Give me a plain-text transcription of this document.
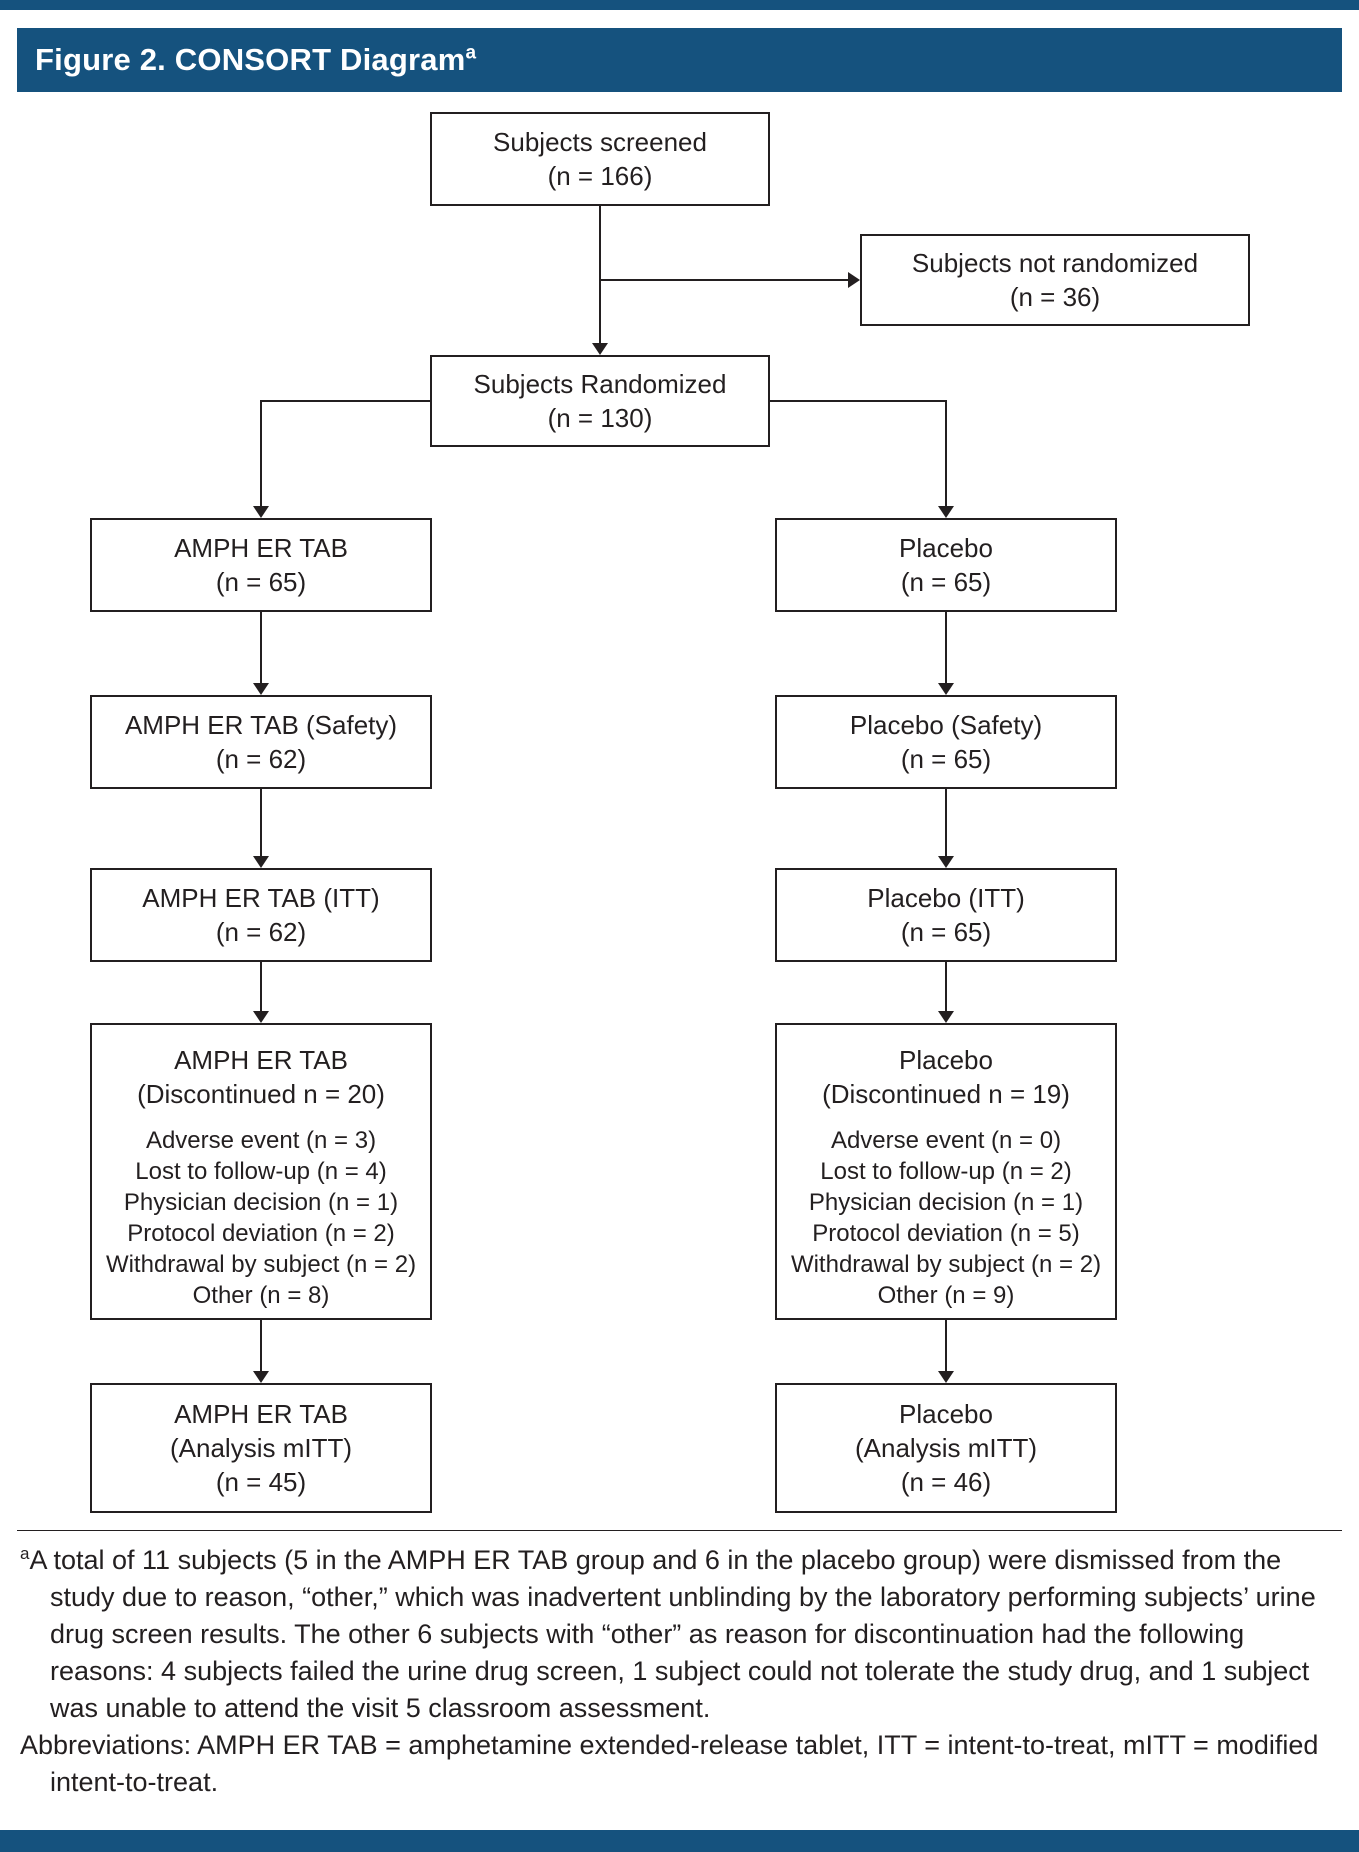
Figure 2. CONSORT Diagram$^a$
Subjects screened
(n = 166)
Subjects not randomized
(n = 36)
Subjects Randomized
(n = 130)
AMPH ER TAB
(n = 65)
AMPH ER TAB (Safety)
(n = 62)
AMPH ER TAB (ITT)
(n = 62)
AMPH ER TAB
(Discontinued n = 20)
Adverse event (n = 3)
Lost to follow-up (n = 4)
Physician decision (n = 1)
Protocol deviation (n = 2)
Withdrawal by subject (n = 2)
Other (n = 8)
AMPH ER TAB
(Analysis mITT)
(n = 45)
Placebo
(n = 65)
Placebo (Safety)
(n = 65)
Placebo (ITT)
(n = 65)
Placebo
(Discontinued n = 19)
Adverse event (n = 0)
Lost to follow-up (n = 2)
Physician decision (n = 1)
Protocol deviation (n = 5)
Withdrawal by subject (n = 2)
Other (n = 9)
Placebo
(Analysis mITT)
(n = 46)

$^a$A total of 11 subjects (5 in the AMPH ER TAB group and 6 in the placebo group) were dismissed from the study due to reason, “other,” which was inadvertent unblinding by the laboratory performing subjects’ urine drug screen results. The other 6 subjects with “other” as reason for discontinuation had the following reasons: 4 subjects failed the urine drug screen, 1 subject could not tolerate the study drug, and 1 subject was unable to attend the visit 5 classroom assessment.

Abbreviations: AMPH ER TAB = amphetamine extended-release tablet, ITT = intent-to-treat, mITT = modified intent-to-treat.
